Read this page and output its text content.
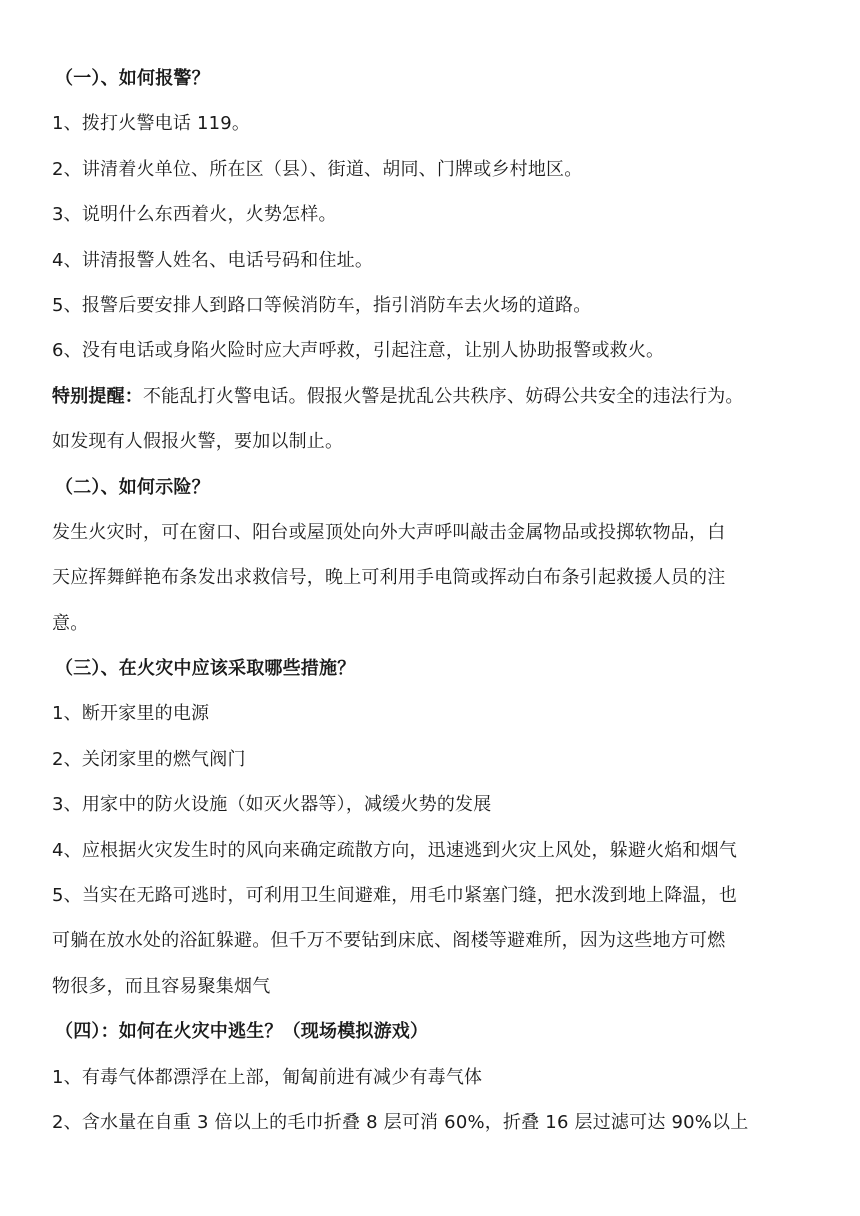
（一）、如何报警？
1、拨打火警电话 119。
2、讲清着火单位、所在区（县）、街道、胡同、门牌或乡村地区。
3、说明什么东西着火，火势怎样。
4、讲清报警人姓名、电话号码和住址。
5、报警后要安排人到路口等候消防车，指引消防车去火场的道路。
6、没有电话或身陷火险时应大声呼救，引起注意，让别人协助报警或救火。
特别提醒：不能乱打火警电话。假报火警是扰乱公共秩序、妨碍公共安全的违法行为。
如发现有人假报火警，要加以制止。
（二）、如何示险？
发生火灾时，可在窗口、阳台或屋顶处向外大声呼叫敲击金属物品或投掷软物品，白
天应挥舞鲜艳布条发出求救信号，晚上可利用手电筒或挥动白布条引起救援人员的注
意。
（三）、在火灾中应该采取哪些措施？
1、断开家里的电源
2、关闭家里的燃气阀门
3、用家中的防火设施（如灭火器等），减缓火势的发展
4、应根据火灾发生时的风向来确定疏散方向，迅速逃到火灾上风处，躲避火焰和烟气
5、当实在无路可逃时，可利用卫生间避难，用毛巾紧塞门缝，把水泼到地上降温，也
可躺在放水处的浴缸躲避。但千万不要钻到床底、阁楼等避难所，因为这些地方可燃
物很多，而且容易聚集烟气
（四）：如何在火灾中逃生？（现场模拟游戏）
1、有毒气体都漂浮在上部，匍匐前进有减少有毒气体
2、含水量在自重 3 倍以上的毛巾折叠 8 层可消 60%，折叠 16 层过滤可达 90%以上
